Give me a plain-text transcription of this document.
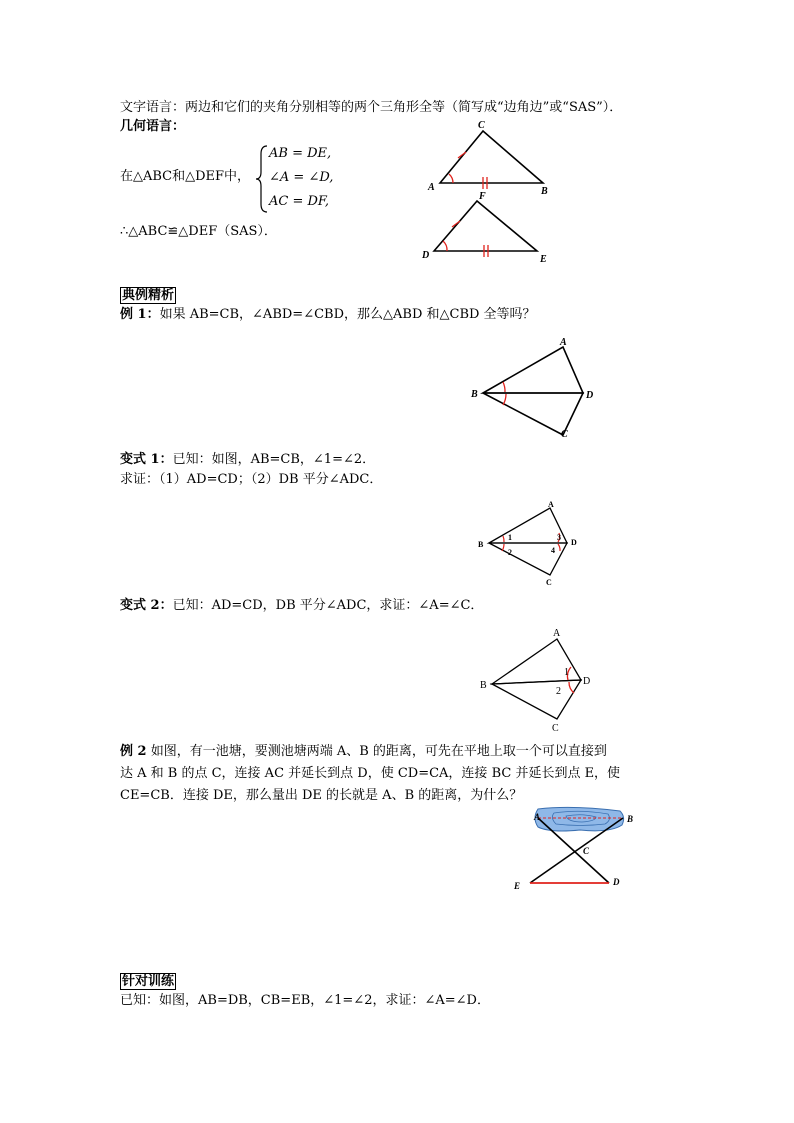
文字语言：两边和它们的夹角分别相等的两个三角形全等（简写成“边角边”或“SAS”）．
几何语言：
在△ABC和△DEF中，
AB = DE,
∠A = ∠D,
AC = DF,
∴△ABC≌△DEF（SAS）．
C
A	B
F
D	E
典例精析
例 1：如果 AB=CB，∠ABD=∠CBD，那么△ABD 和△CBD 全等吗？
A
B	D
C
变式 1：已知：如图，AB=CB，∠1=∠2．
求证：（1）AD=CD；（2）DB 平分∠ADC．
A
B	D
C
1
2
3
4
变式 2：已知：AD=CD，DB 平分∠ADC，求证：∠A=∠C．
A
B	D
C
1
2
例 2 如图，有一池塘，要测池塘两端 A、B 的距离，可先在平地上取一个可以直接到
达 A 和 B 的点 C，连接 AC 并延长到点 D，使 CD=CA，连接 BC 并延长到点 E，使
CE=CB．连接 DE，那么量出 DE 的长就是 A、B 的距离，为什么？
A	B
C
E	D
针对训练
已知：如图，AB=DB，CB=EB，∠1=∠2，求证：∠A=∠D．
